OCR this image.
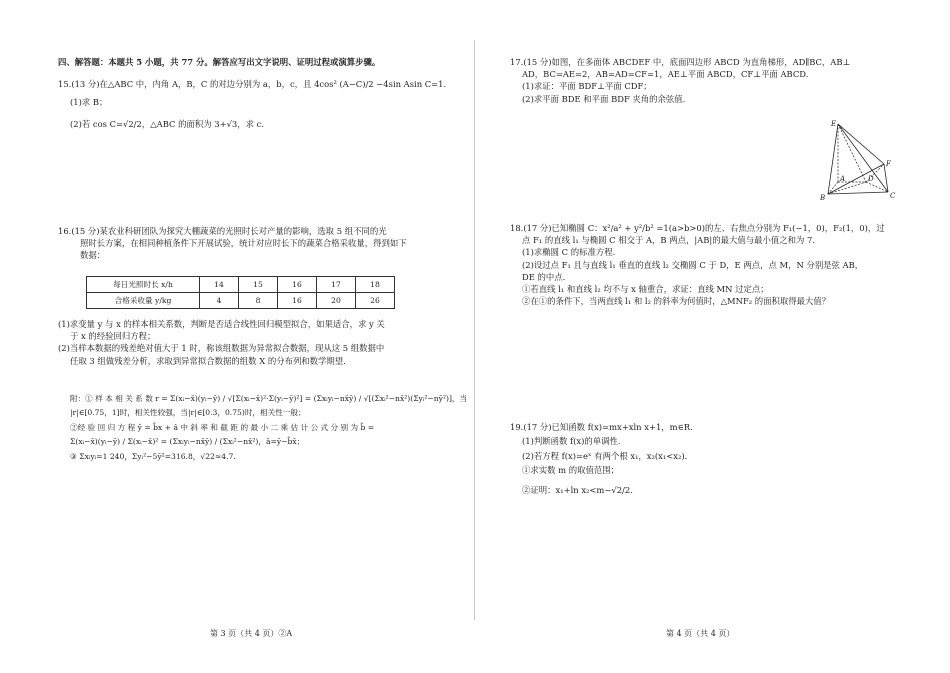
四、解答题：本题共 5 小题，共 77 分。解答应写出文字说明、证明过程或演算步骤。
15.(13 分)在△ABC 中，内角 A，B，C 的对边分别为 a，b，c，且 4cos² (A−C)/2 −4sin Asin C=1.
(1)求 B；
(2)若 cos C=√2/2，△ABC 的面积为 3+√3，求 c.
16.(15 分)某农业科研团队为探究大棚蔬菜的光照时长对产量的影响，选取 5 组不同的光
照时长方案，在相同种植条件下开展试验，统计对应时长下的蔬菜合格采收量，得到如下
数据：
每日光照时长 x/h	14	15	16	17	18
合格采收量 y/kg	4	8	16	20	26
(1)求变量 y 与 x 的样本相关系数，判断是否适合线性回归模型拟合，如果适合，求 y 关
于 x 的经验回归方程；
(2)当样本数据的残差绝对值大于 1 时，称该组数据为异常拟合数据，现从这 5 组数据中
任取 3 组做残差分析，求取到异常拟合数据的组数 X 的分布列和数学期望.
附：① 样 本 相 关 系 数 r = Σ(xᵢ−x̄)(yᵢ−ȳ) / √[Σ(xᵢ−x̄)²·Σ(yᵢ−ȳ)²] = (Σxᵢyᵢ−nx̄ȳ) / √[(Σxᵢ²−nx̄²)(Σyᵢ²−nȳ²)]，当
|r|∈[0.75，1]时，相关性较强，当|r|∈[0.3，0.75)时，相关性一般；
②经 验 回 归 方 程 ŷ = b̂x + â 中 斜 率 和 截 距 的 最 小 二 乘 估 计 公 式 分 别 为 b̂ =
Σ(xᵢ−x̄)(yᵢ−ȳ) / Σ(xᵢ−x̄)² = (Σxᵢyᵢ−nx̄ȳ) / (Σxᵢ²−nx̄²)，â=ȳ−b̂x̄；
③ Σxᵢyᵢ=1 240，Σyᵢ²−5ȳ²=316.8，√22≈4.7.
第 3 页（共 4 页）②A
17.(15 分)如图，在多面体 ABCDEF 中，底面四边形 ABCD 为直角梯形，AD∥BC，AB⊥
AD，BC=AE=2，AB=AD=CF=1，AE⊥平面 ABCD，CF⊥平面 ABCD.
(1)求证：平面 BDF⊥平面 CDF；
(2)求平面 BDE 和平面 BDF 夹角的余弦值.
E
F
A
B	C
D
18.(17 分)已知椭圆 C：x²/a² + y²/b² =1(a>b>0)的左、右焦点分别为 F₁(−1，0)，F₂(1，0)，过
点 F₁ 的直线 l₁ 与椭圆 C 相交于 A，B 两点，|AB|的最大值与最小值之和为 7.
(1)求椭圆 C 的标准方程.
(2)设过点 F₁ 且与直线 l₁ 垂直的直线 l₂ 交椭圆 C 于 D，E 两点，点 M，N 分别是弦 AB，
DE 的中点.
①若直线 l₁ 和直线 l₂ 均不与 x 轴重合，求证：直线 MN 过定点；
②在①的条件下，当两直线 l₁ 和 l₂ 的斜率为何值时，△MNF₂ 的面积取得最大值？
19.(17 分)已知函数 f(x)=mx+xln x+1，m∈R.
(1)判断函数 f(x)的单调性.
(2)若方程 f(x)=eˣ 有两个根 x₁，x₂(x₁<x₂).
①求实数 m 的取值范围；
②证明：x₁+ln x₂<m−√2/2.
第 4 页（共 4 页）
